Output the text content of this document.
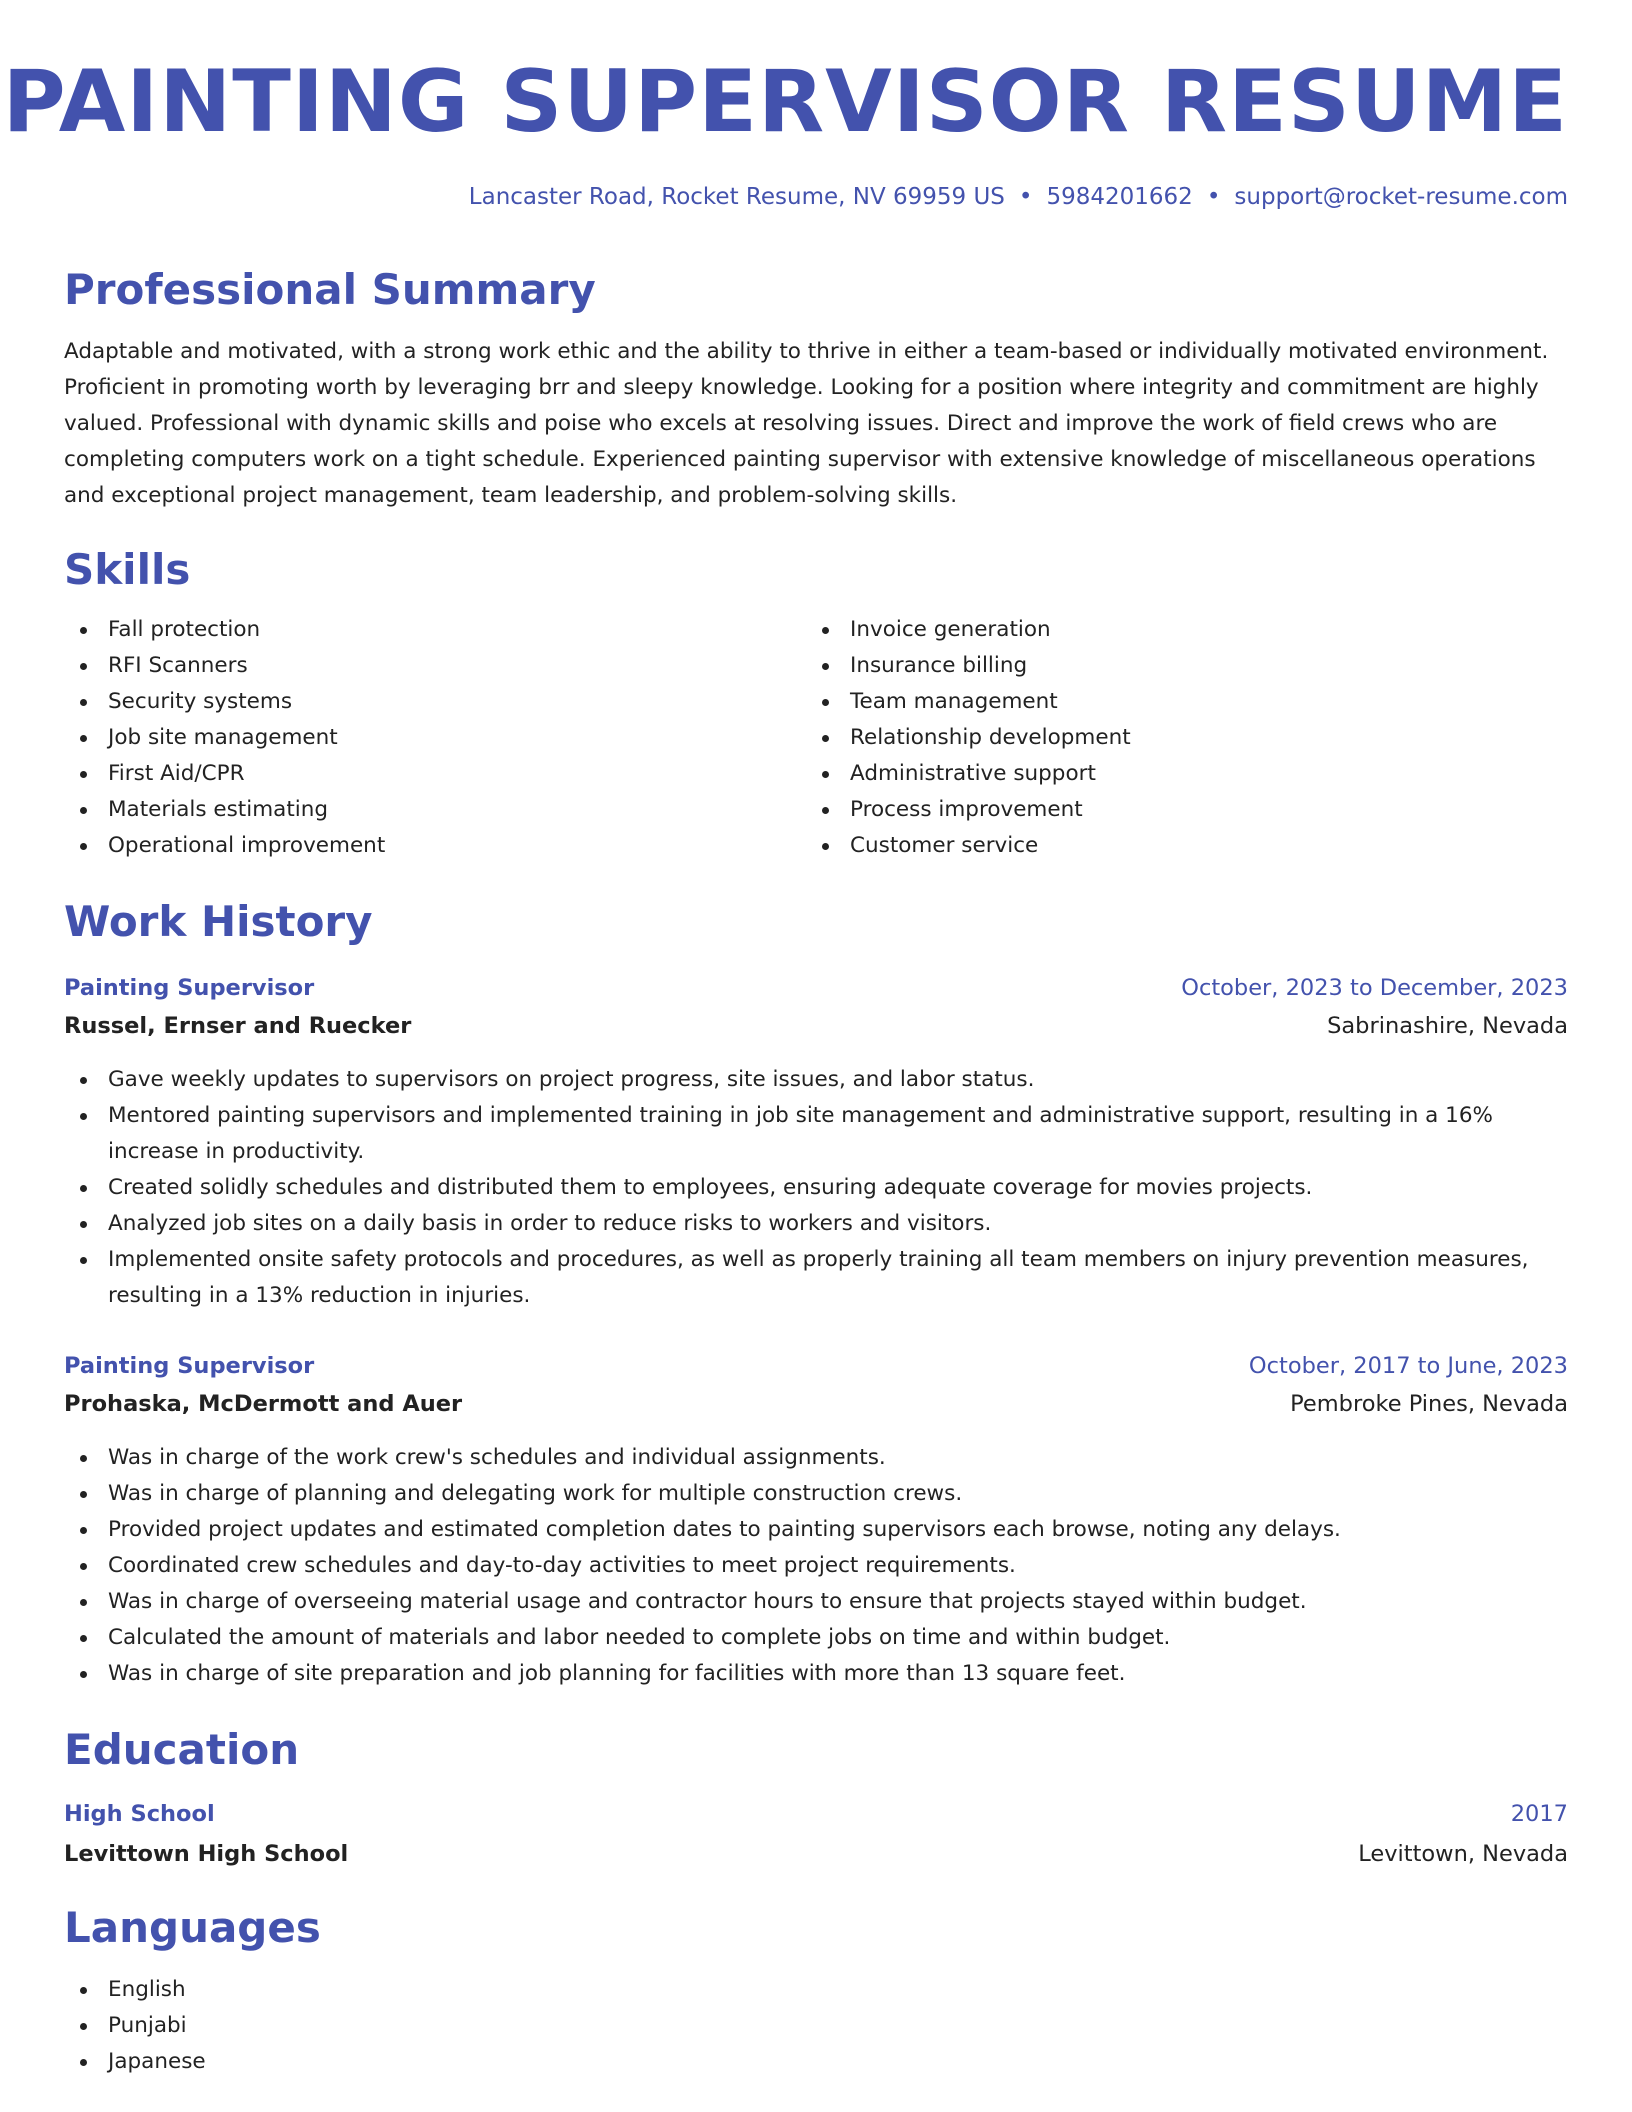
PAINTING SUPERVISOR RESUME
Lancaster Road, Rocket Resume, NV 69959 US • 5984201662 • support@rocket-resume.com
Professional Summary

Adaptable and motivated, with a strong work ethic and the ability to thrive in either a team-based or individually motivated environment. Proficient in promoting worth by leveraging brr and sleepy knowledge. Looking for a position where integrity and commitment are highly valued. Professional with dynamic skills and poise who excels at resolving issues. Direct and improve the work of field crews who are completing computers work on a tight schedule. Experienced painting supervisor with extensive knowledge of miscellaneous operations and exceptional project management, team leadership, and problem-solving skills.

Skills
Fall protection
RFI Scanners
Security systems
Job site management
First Aid/CPR
Materials estimating
Operational improvement
Invoice generation
Insurance billing
Team management
Relationship development
Administrative support
Process improvement
Customer service
Work History
Painting Supervisor	October, 2023 to December, 2023
Russel, Ernser and Ruecker	Sabrinashire, Nevada
Gave weekly updates to supervisors on project progress, site issues, and labor status.
Mentored painting supervisors and implemented training in job site management and administrative support, resulting in a 16% increase in productivity.
Created solidly schedules and distributed them to employees, ensuring adequate coverage for movies projects.
Analyzed job sites on a daily basis in order to reduce risks to workers and visitors.
Implemented onsite safety protocols and procedures, as well as properly training all team members on injury prevention measures, resulting in a 13% reduction in injuries.
Painting Supervisor	October, 2017 to June, 2023
Prohaska, McDermott and Auer	Pembroke Pines, Nevada
Was in charge of the work crew's schedules and individual assignments.
Was in charge of planning and delegating work for multiple construction crews.
Provided project updates and estimated completion dates to painting supervisors each browse, noting any delays.
Coordinated crew schedules and day-to-day activities to meet project requirements.
Was in charge of overseeing material usage and contractor hours to ensure that projects stayed within budget.
Calculated the amount of materials and labor needed to complete jobs on time and within budget.
Was in charge of site preparation and job planning for facilities with more than 13 square feet.
Education
High School	2017
Levittown High School	Levittown, Nevada
Languages
English
Punjabi
Japanese
